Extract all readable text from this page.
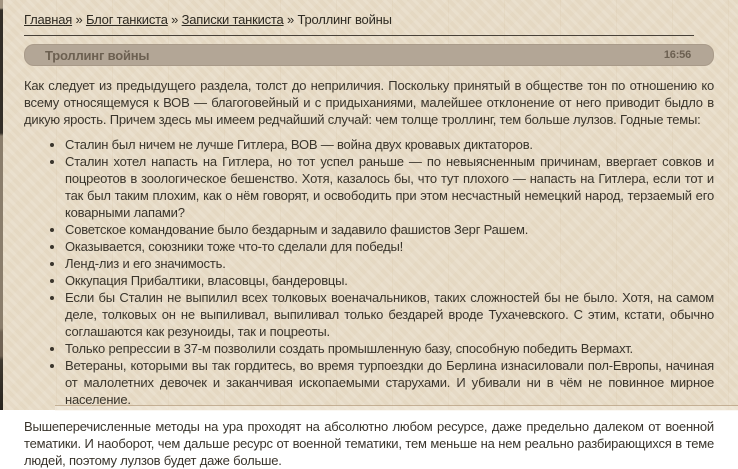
Главная » Блог танкиста » Записки танкиста » Троллинг войны
Троллинг войны	16:56

Как следует из предыдущего раздела, толст до неприличия. Поскольку принятый в обществе тон по отношению ко всему относящемуся к ВОВ — благоговейный и с придыханиями, малейшее отклонение от него приводит быдло в дикую ярость. Причем здесь мы имеем редчайший случай: чем толще троллинг, тем больше лулзов. Годные темы:

• Сталин был ничем не лучше Гитлера, ВОВ — война двух кровавых диктаторов.
• Сталин хотел напасть на Гитлера, но тот успел раньше — по невыясненным причинам, ввергает совков и поцреотов в зоологическое бешенство. Хотя, казалось бы, что тут плохого — напасть на Гитлера, если тот и так был таким плохим, как о нём говорят, и освободить при этом несчастный немецкий народ, терзаемый его коварными лапами?
• Советское командование было бездарным и задавило фашистов Зерг Рашем.
• Оказывается, союзники тоже что-то сделали для победы!
• Ленд-лиз и его значимость.
• Оккупация Прибалтики, власовцы, бандеровцы.
• Если бы Сталин не выпилил всех толковых военачальников, таких сложностей бы не было. Хотя, на самом деле, толковых он не выпиливал, выпиливал только бездарей вроде Тухачевского. С этим, кстати, обычно соглашаются как резуноиды, так и поцреоты.
• Только репрессии в 37-м позволили создать промышленную базу, способную победить Вермахт.
• Ветераны, которыми вы так гордитесь, во время турпоездки до Берлина изнасиловали пол-Европы, начиная от малолетних девочек и заканчивая ископаемыми старухами. И убивали ни в чём не повинное мирное население.

Вышеперечисленные методы на ура проходят на абсолютно любом ресурсе, даже предельно далеком от военной тематики. И наоборот, чем дальше ресурс от военной тематики, тем меньше на нем реально разбирающихся в теме людей, поэтому лулзов будет даже больше.
